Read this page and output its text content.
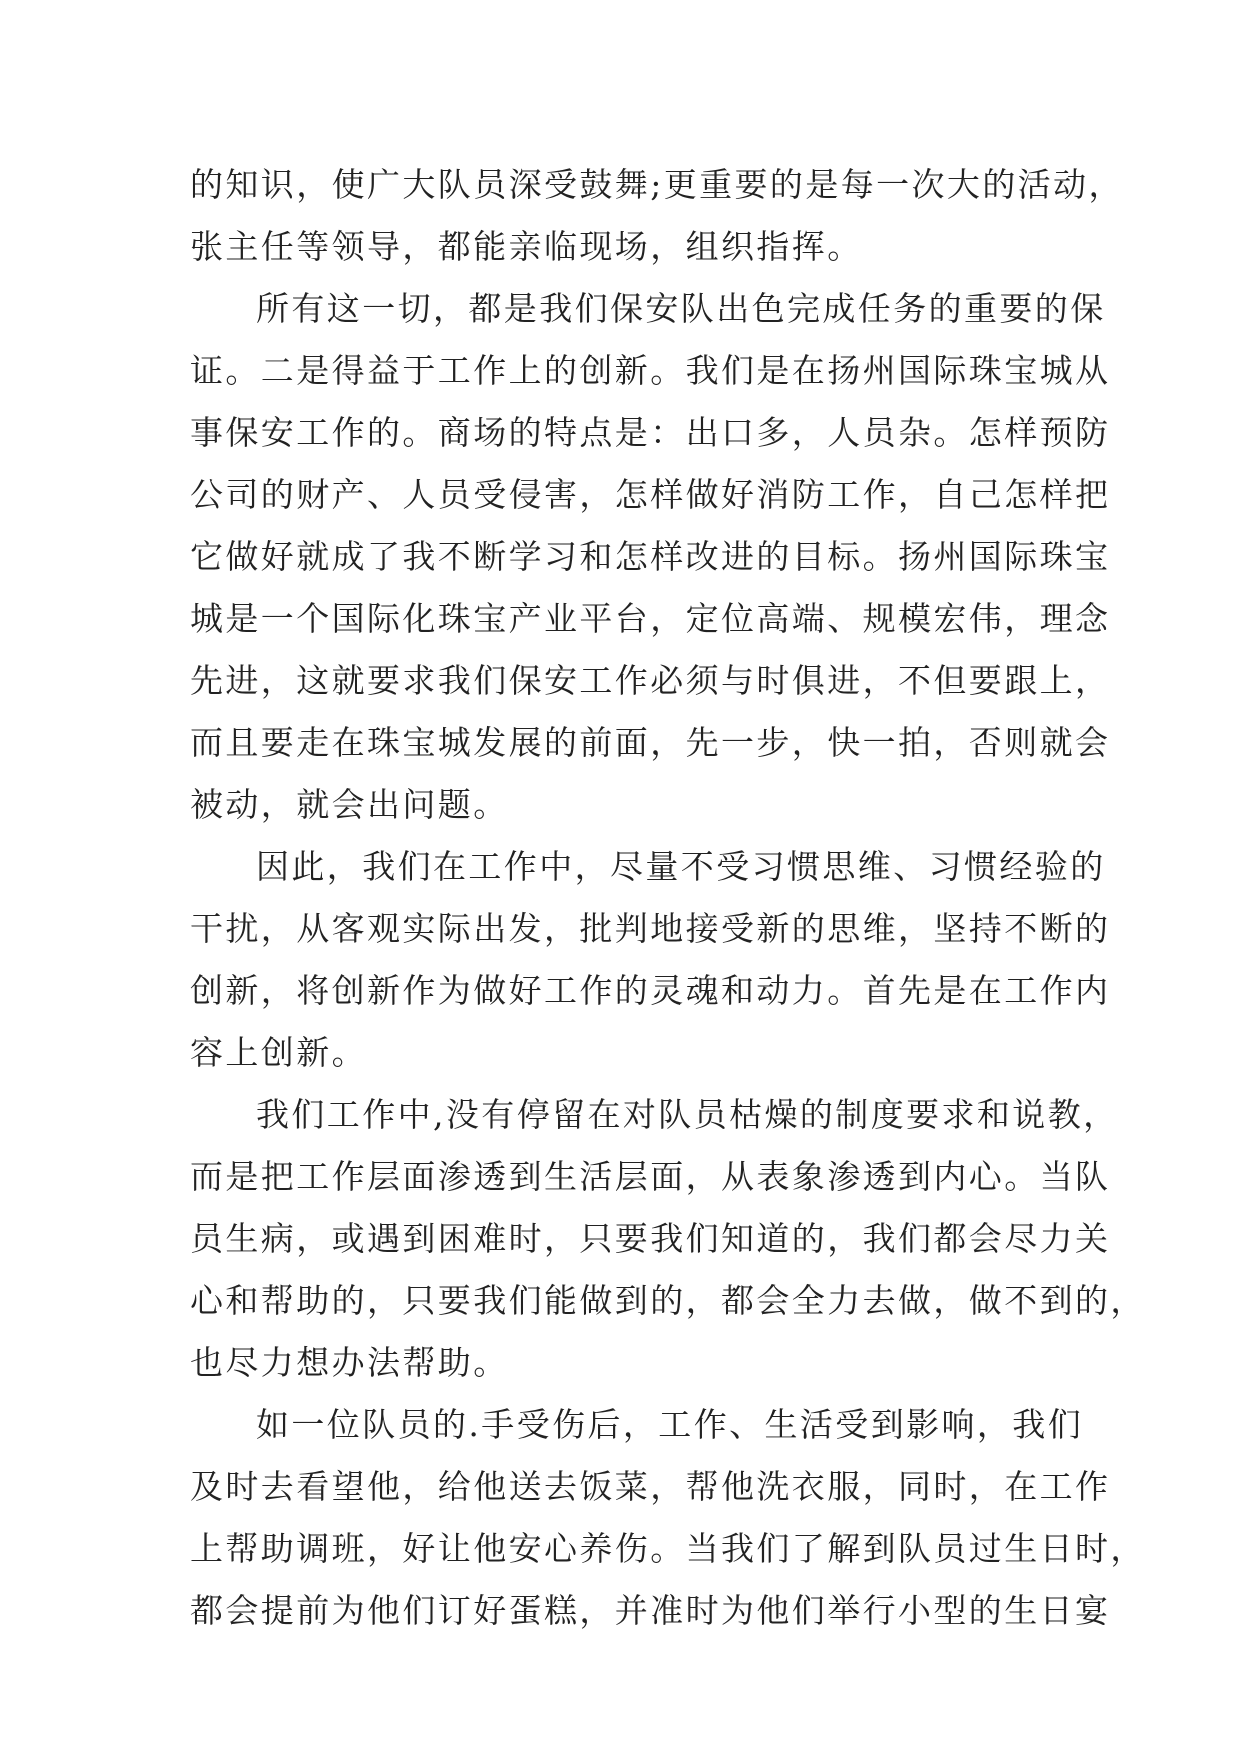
的知识，使广大队员深受鼓舞;更重要的是每一次大的活动，
张主任等领导，都能亲临现场，组织指挥。
所有这一切，都是我们保安队出色完成任务的重要的保
证。二是得益于工作上的创新。我们是在扬州国际珠宝城从
事保安工作的。商场的特点是：出口多，人员杂。怎样预防
公司的财产、人员受侵害，怎样做好消防工作，自己怎样把
它做好就成了我不断学习和怎样改进的目标。扬州国际珠宝
城是一个国际化珠宝产业平台，定位高端、规模宏伟，理念
先进，这就要求我们保安工作必须与时俱进，不但要跟上，
而且要走在珠宝城发展的前面，先一步，快一拍，否则就会
被动，就会出问题。
因此，我们在工作中，尽量不受习惯思维、习惯经验的
干扰，从客观实际出发，批判地接受新的思维，坚持不断的
创新，将创新作为做好工作的灵魂和动力。首先是在工作内
容上创新。
我们工作中,没有停留在对队员枯燥的制度要求和说教，
而是把工作层面渗透到生活层面，从表象渗透到内心。当队
员生病，或遇到困难时，只要我们知道的，我们都会尽力关
心和帮助的，只要我们能做到的，都会全力去做，做不到的，
也尽力想办法帮助。
如一位队员的.手受伤后，工作、生活受到影响，我们
及时去看望他，给他送去饭菜，帮他洗衣服，同时，在工作
上帮助调班，好让他安心养伤。当我们了解到队员过生日时，
都会提前为他们订好蛋糕，并准时为他们举行小型的生日宴
